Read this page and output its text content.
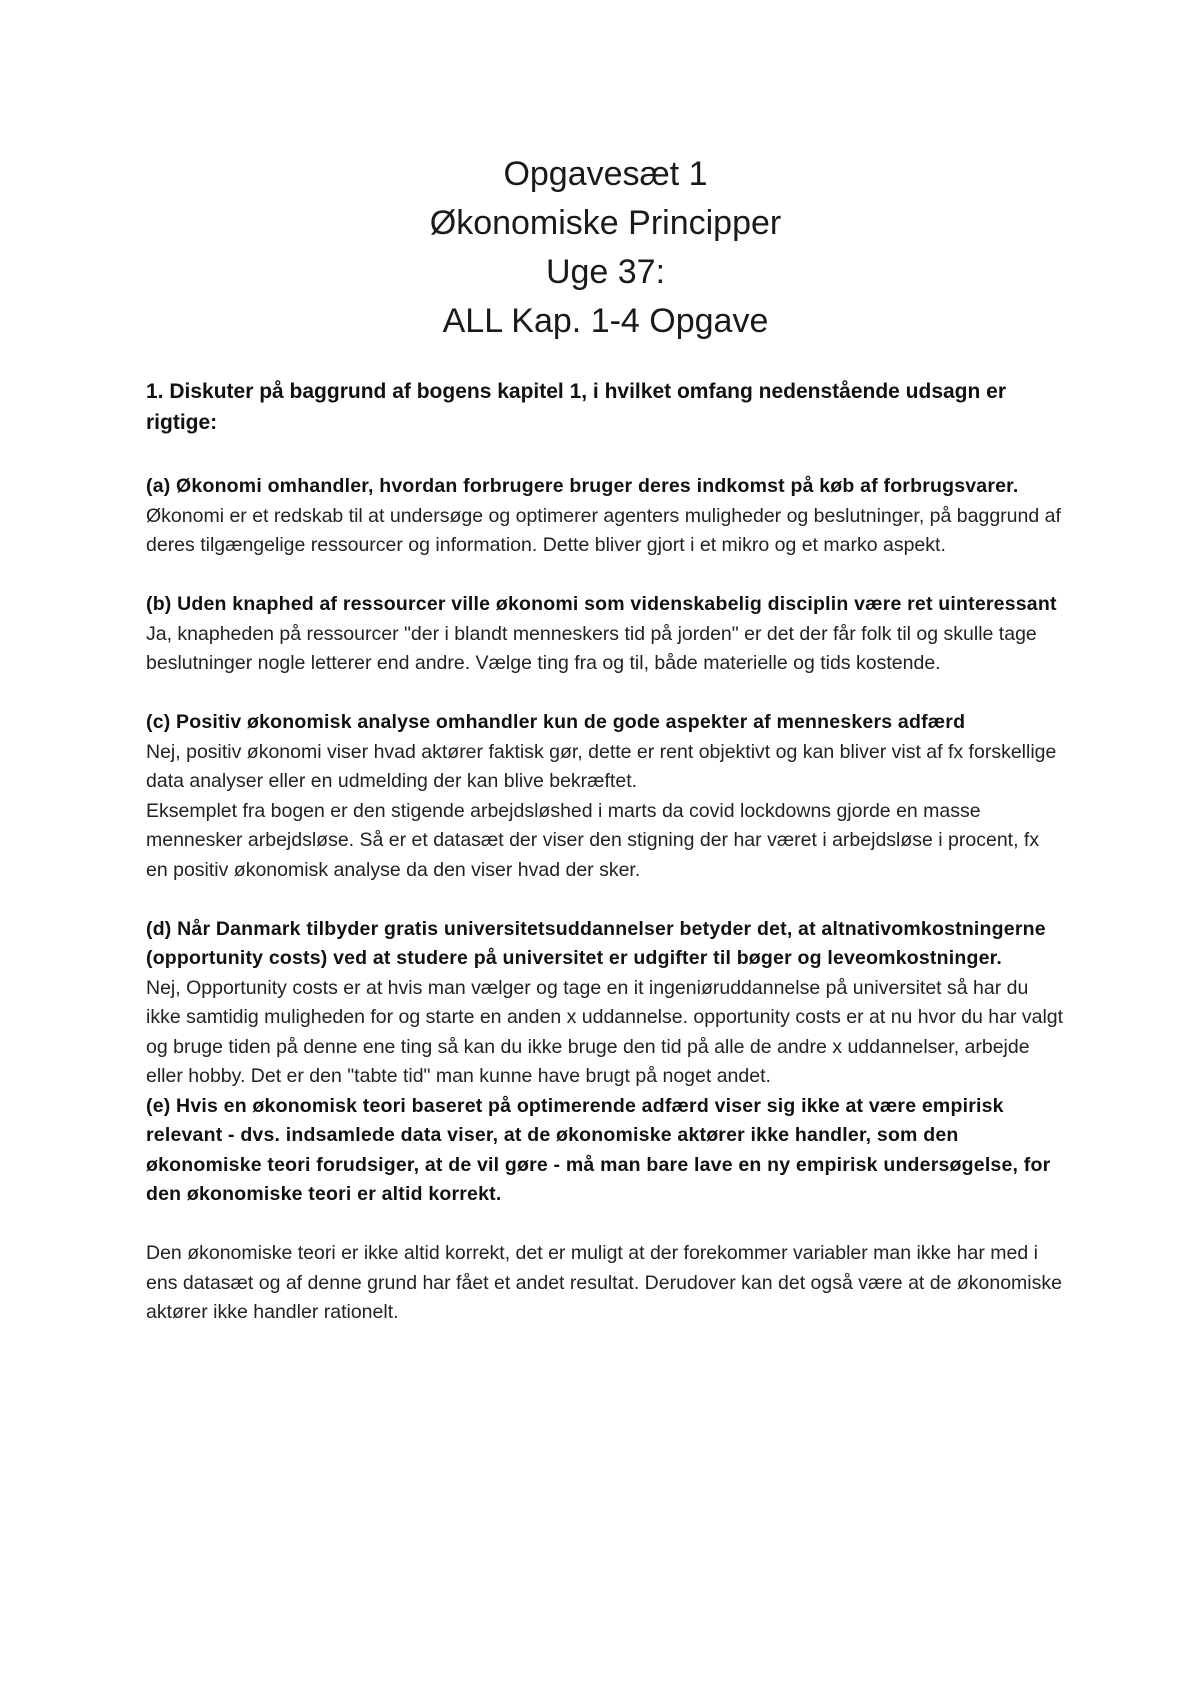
Opgavesæt 1
Økonomiske Principper
Uge 37:
ALL Kap. 1-4 Opgave

1. Diskuter på baggrund af bogens kapitel 1, i hvilket omfang nedenstående udsagn er rigtige:

(a) Økonomi omhandler, hvordan forbrugere bruger deres indkomst på køb af forbrugsvarer.

Økonomi er et redskab til at undersøge og optimerer agenters muligheder og beslutninger, på baggrund af deres tilgængelige ressourcer og information. Dette bliver gjort i et mikro og et marko aspekt.

(b) Uden knaphed af ressourcer ville økonomi som videnskabelig disciplin være ret uinteressant

Ja, knapheden på ressourcer "der i blandt menneskers tid på jorden" er det der får folk til og skulle tage beslutninger nogle letterer end andre. Vælge ting fra og til, både materielle og tids kostende.

(c) Positiv økonomisk analyse omhandler kun de gode aspekter af menneskers adfærd

Nej, positiv økonomi viser hvad aktører faktisk gør, dette er rent objektivt og kan bliver vist af fx forskellige data analyser eller en udmelding der kan blive bekræftet.

Eksemplet fra bogen er den stigende arbejdsløshed i marts da covid lockdowns gjorde en masse mennesker arbejdsløse. Så er et datasæt der viser den stigning der har været i arbejdsløse i procent, fx en positiv økonomisk analyse da den viser hvad der sker.

(d) Når Danmark tilbyder gratis universitetsuddannelser betyder det, at altnativomkostningerne (opportunity costs) ved at studere på universitet er udgifter til bøger og leveomkostninger.

Nej, Opportunity costs er at hvis man vælger og tage en it ingeniøruddannelse på universitet så har du ikke samtidig muligheden for og starte en anden x uddannelse. opportunity costs er at nu hvor du har valgt og bruge tiden på denne ene ting så kan du ikke bruge den tid på alle de andre x uddannelser, arbejde eller hobby. Det er den "tabte tid" man kunne have brugt på noget andet.

(e) Hvis en økonomisk teori baseret på optimerende adfærd viser sig ikke at være empirisk relevant - dvs. indsamlede data viser, at de økonomiske aktører ikke handler, som den økonomiske teori forudsiger, at de vil gøre - må man bare lave en ny empirisk undersøgelse, for den økonomiske teori er altid korrekt.

Den økonomiske teori er ikke altid korrekt, det er muligt at der forekommer variabler man ikke har med i ens datasæt og af denne grund har fået et andet resultat. Derudover kan det også være at de økonomiske aktører ikke handler rationelt.
